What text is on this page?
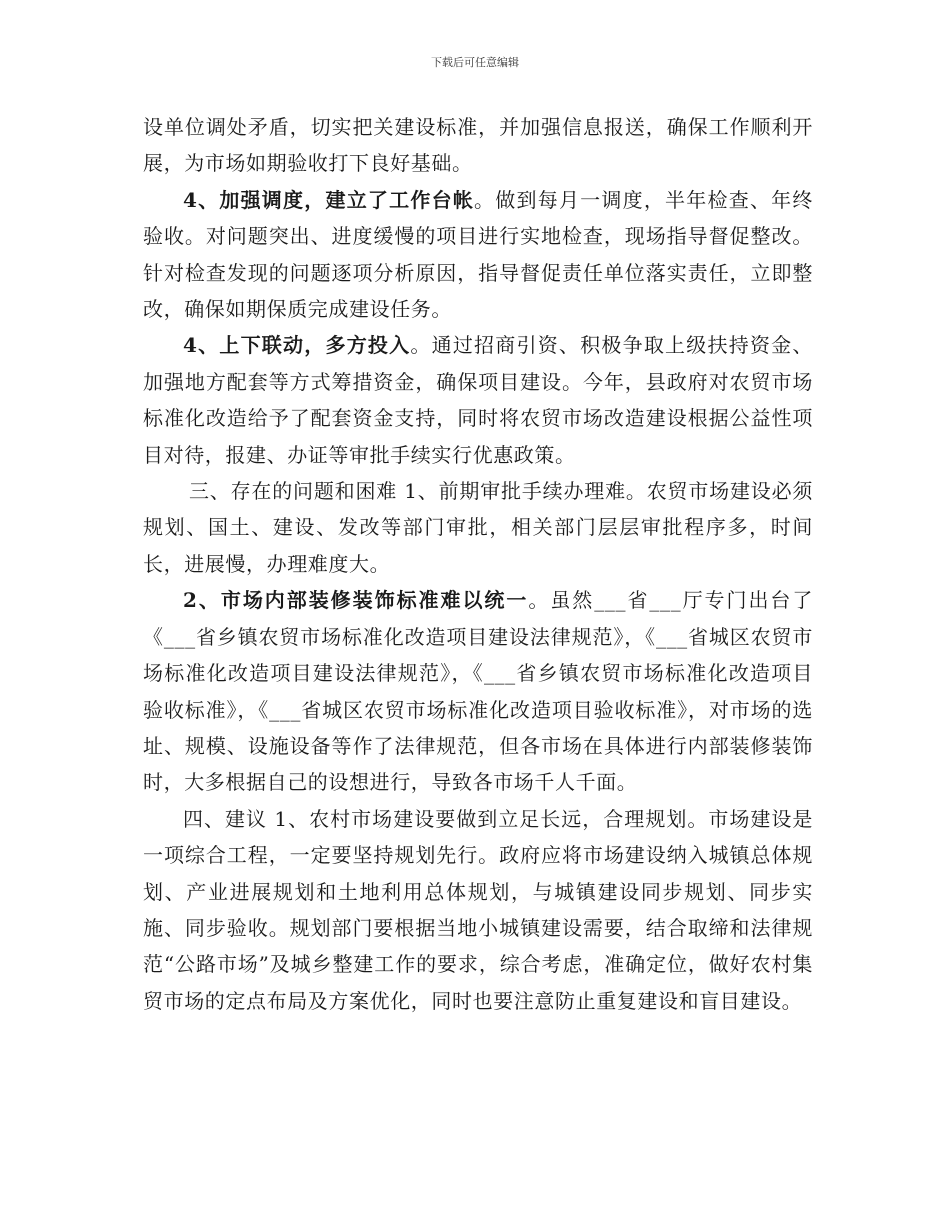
下载后可任意编辑

设单位调处矛盾，切实把关建设标准，并加强信息报送，确保工作顺利开展，为市场如期验收打下良好基础。

4、加强调度，建立了工作台帐。做到每月一调度，半年检查、年终验收。对问题突出、进度缓慢的项目进行实地检查，现场指导督促整改。针对检查发现的问题逐项分析原因，指导督促责任单位落实责任，立即整改，确保如期保质完成建设任务。

4、上下联动，多方投入。通过招商引资、积极争取上级扶持资金、加强地方配套等方式筹措资金，确保项目建设。今年，县政府对农贸市场标准化改造给予了配套资金支持，同时将农贸市场改造建设根据公益性项目对待，报建、办证等审批手续实行优惠政策。

三、存在的问题和困难 1、前期审批手续办理难。农贸市场建设必须规划、国土、建设、发改等部门审批，相关部门层层审批程序多，时间长，进展慢，办理难度大。

2、市场内部装修装饰标准难以统一。虽然___省___厅专门出台了《___省乡镇农贸市场标准化改造项目建设法律规范》，《___省城区农贸市场标准化改造项目建设法律规范》，《___省乡镇农贸市场标准化改造项目验收标准》，《___省城区农贸市场标准化改造项目验收标准》，对市场的选址、规模、设施设备等作了法律规范，但各市场在具体进行内部装修装饰时，大多根据自己的设想进行，导致各市场千人千面。

四、建议 1、农村市场建设要做到立足长远，合理规划。市场建设是一项综合工程，一定要坚持规划先行。政府应将市场建设纳入城镇总体规划、产业进展规划和土地利用总体规划，与城镇建设同步规划、同步实施、同步验收。规划部门要根据当地小城镇建设需要，结合取缔和法律规范“公路市场”及城乡整建工作的要求，综合考虑，准确定位，做好农村集贸市场的定点布局及方案优化，同时也要注意防止重复建设和盲目建设。
